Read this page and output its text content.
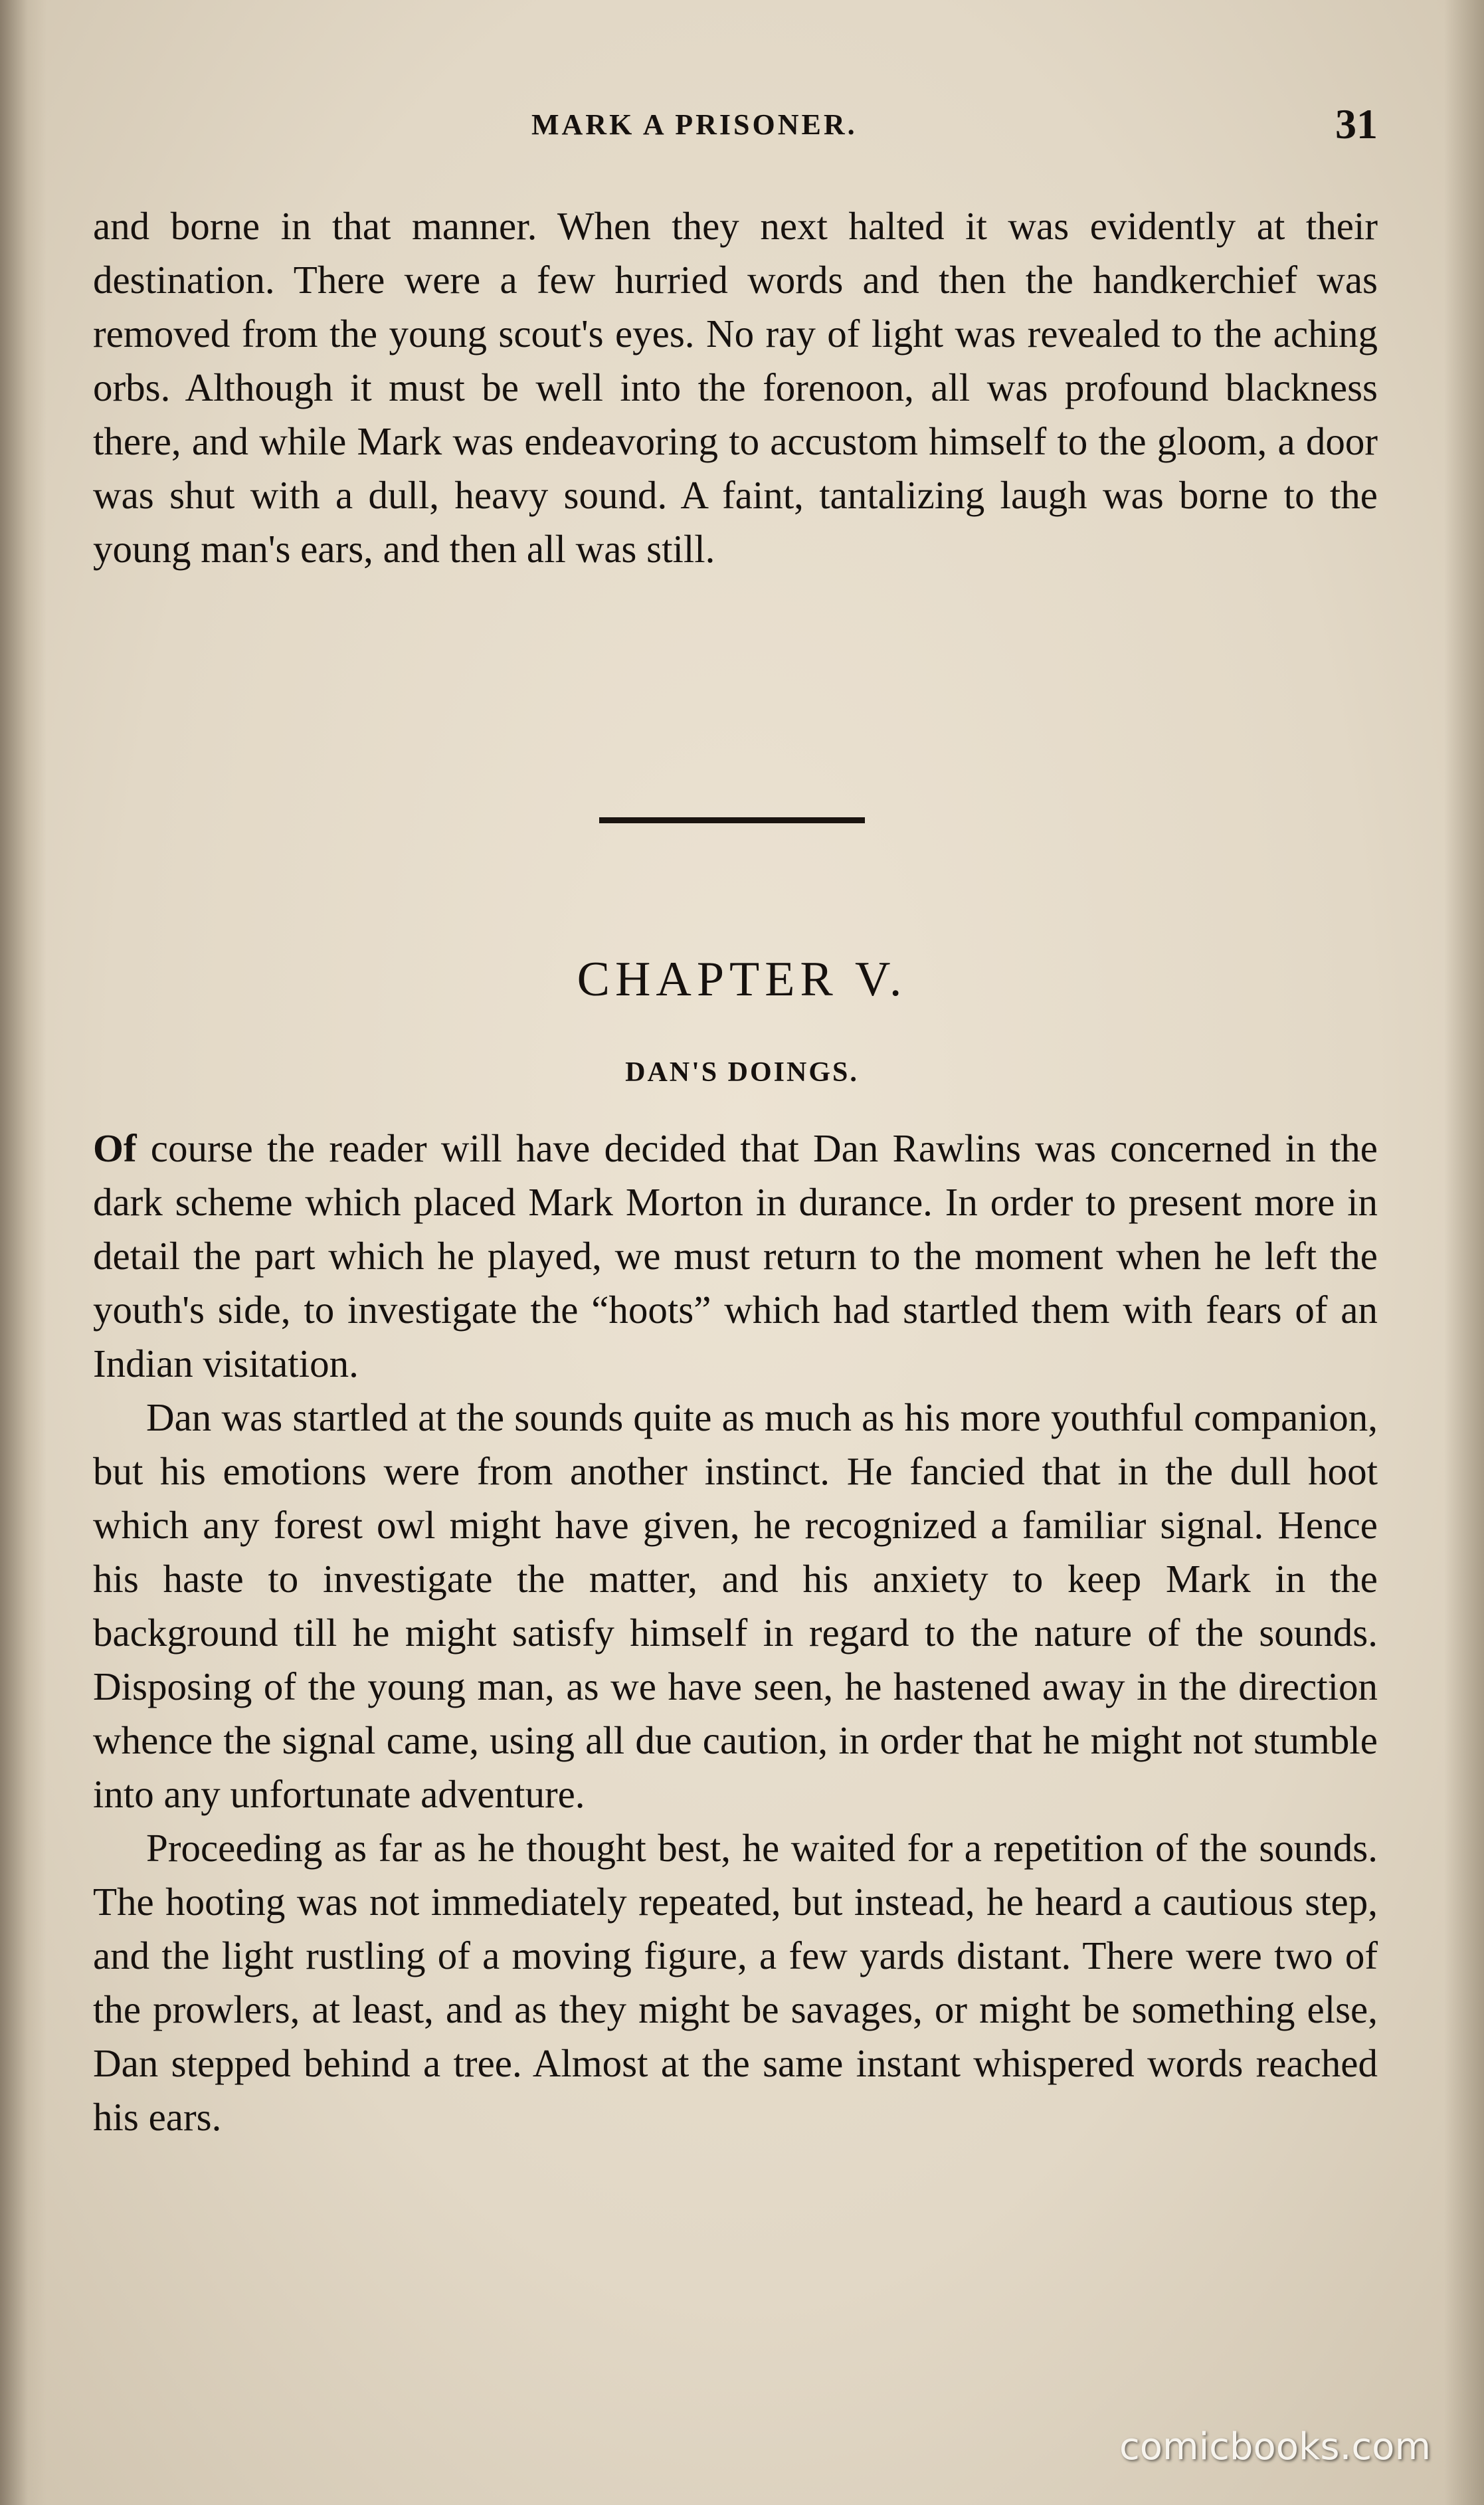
MARK A PRISONER.	31

and borne in that manner. When they next halted it was evidently at their destination. There were a few hurried words and then the handkerchief was removed from the young scout's eyes. No ray of light was revealed to the aching orbs. Although it must be well into the forenoon, all was profound blackness there, and while Mark was endeavoring to accustom himself to the gloom, a door was shut with a dull, heavy sound. A faint, tantalizing laugh was borne to the young man's ears, and then all was still.

CHAPTER V.
DAN'S DOINGS.

Of course the reader will have decided that Dan Rawlins was concerned in the dark scheme which placed Mark Morton in durance. In order to present more in detail the part which he played, we must return to the moment when he left the youth's side, to investigate the “hoots” which had startled them with fears of an Indian visitation.

Dan was startled at the sounds quite as much as his more youthful companion, but his emotions were from another instinct. He fancied that in the dull hoot which any forest owl might have given, he recognized a familiar signal. Hence his haste to investigate the matter, and his anxiety to keep Mark in the background till he might satisfy himself in regard to the nature of the sounds. Disposing of the young man, as we have seen, he hastened away in the direction whence the signal came, using all due caution, in order that he might not stumble into any unfortunate adventure.

Proceeding as far as he thought best, he waited for a repetition of the sounds. The hooting was not immediately repeated, but instead, he heard a cautious step, and the light rustling of a moving figure, a few yards distant. There were two of the prowlers, at least, and as they might be savages, or might be something else, Dan stepped behind a tree. Almost at the same instant whispered words reached his ears.

comicbooks.com
